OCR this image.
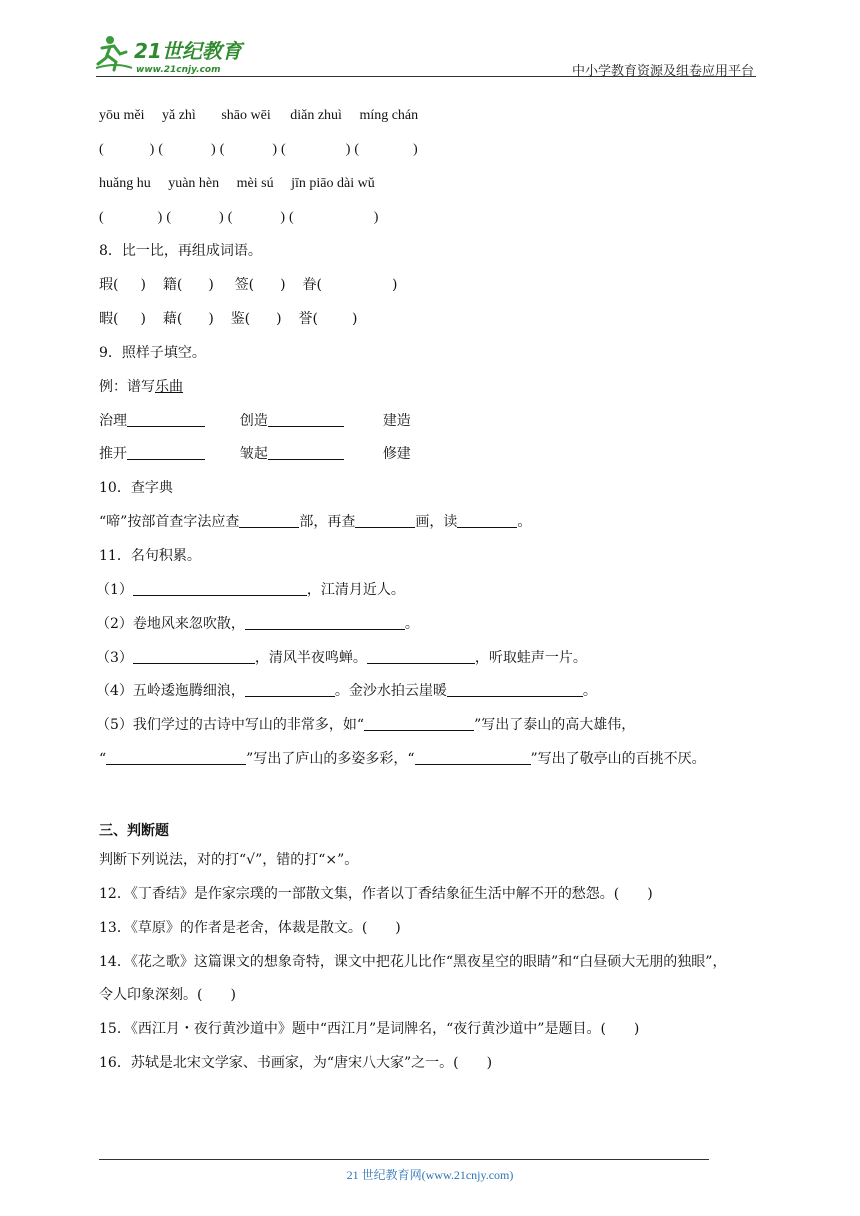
21世纪教育
www.21cnjy.com	中小学教育资源及组卷应用平台
yōu měi yǎ zhì shāo wēi diǎn zhuì míng chán
(	) (	) (	) (	) (	)
huǎng hu yuàn hèn mèi sú jīn piāo dài wǔ
(	) (	) (	) (	)
8．比一比，再组成词语。
瑕( ) 籍( ) 签( ) 眷(	)
暇( ) 藉( ) 鉴( ) 誉( )
9．照样子填空。
例：谱写乐曲
治理	创造	建造
推开	皱起	修建
10．查字典
“啼”按部首查字法应查	部，再查	画，读	。
11．名句积累。
（1）	，江清月近人。
（2）卷地风来忽吹散，	。
（3）	，清风半夜鸣蝉。	，听取蛙声一片。
（4）五岭逶迤腾细浪，	。金沙水拍云崖暖	。
（5）我们学过的古诗中写山的非常多，如“	”写出了泰山的高大雄伟，
“	”写出了庐山的多姿多彩，“	”写出了敬亭山的百挑不厌。
三、判断题
判断下列说法，对的打“√”，错的打“×”。
12．《丁香结》是作家宗璞的一部散文集，作者以丁香结象征生活中解不开的愁怨。(　　)
13．《草原》的作者是老舍，体裁是散文。(　　)
14．《花之歌》这篇课文的想象奇特，课文中把花儿比作“黑夜星空的眼睛”和“白昼硕大无朋的独眼”，
令人印象深刻。(　　)
15．《西江月・夜行黄沙道中》题中“西江月”是词牌名，“夜行黄沙道中”是题目。(　　)
16．苏轼是北宋文学家、书画家，为“唐宋八大家”之一。(　　)
21 世纪教育网(www.21cnjy.com)
